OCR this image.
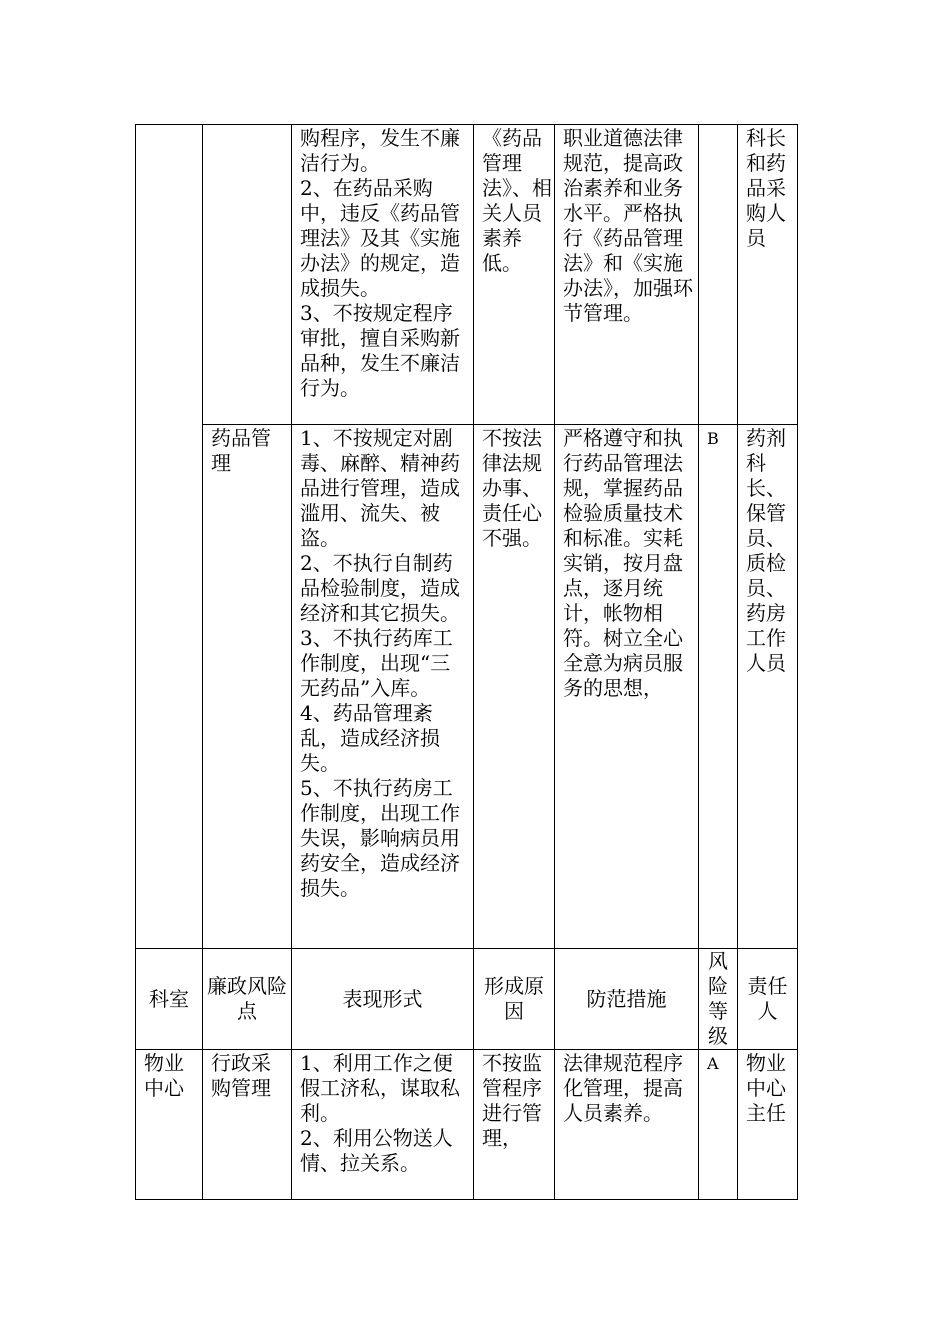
		购程序，发生不廉洁行为。
2、在药品采购中，违反《药品管理法》及其《实施办法》的规定，造成损失。
3、不按规定程序审批，擅自采购新品种，发生不廉洁行为。	《药品管理法》、相关人员素养低。	职业道德法律规范，提高政治素养和业务水平。严格执行《药品管理法》和《实施办法》，加强环节管理。		科长和药品采购人员
	药品管理	1、不按规定对剧毒、麻醉、精神药品进行管理，造成滥用、流失、被盗。
2、不执行自制药品检验制度，造成经济和其它损失。
3、不执行药库工作制度，出现“三无药品”入库。
4、药品管理紊乱，造成经济损失。
5、不执行药房工作制度，出现工作失误，影响病员用药安全，造成经济损失。	不按法律法规办事、责任心不强。	严格遵守和执行药品管理法规，掌握药品检验质量技术和标准。实耗实销，按月盘点，逐月统计，帐物相符。树立全心全意为病员服务的思想，	B	药剂科长、保管员、质检员、药房工作人员
科室	廉政风险点	表现形式	形成原因	防范措施	风险等级	责任人
物业中心	行政采购管理	1、利用工作之便假工济私，谋取私利。
2、利用公物送人情、拉关系。	不按监管程序进行管理，	法律规范程序化管理，提高人员素养。	A	物业中心主任
